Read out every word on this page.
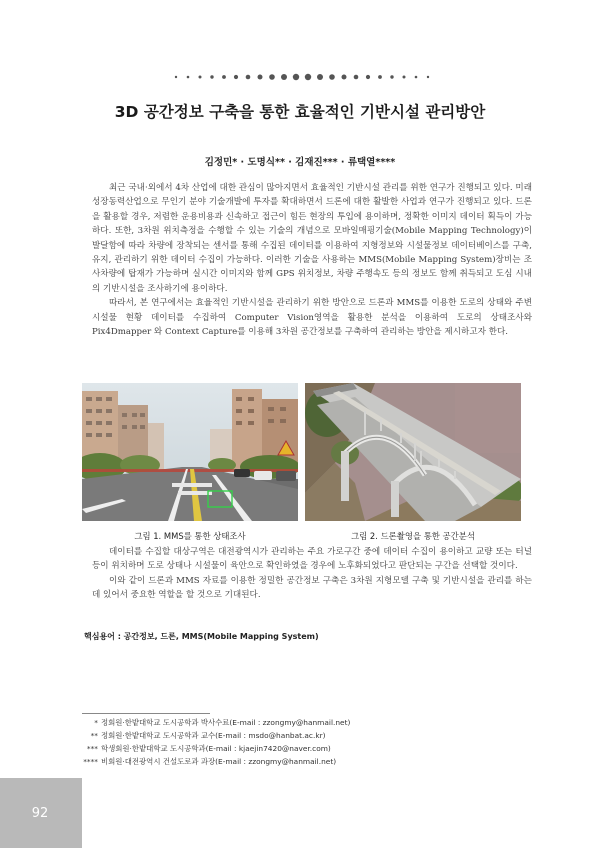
3D 공간정보 구축을 통한 효율적인 기반시설 관리방안
김정민* · 도명식** · 김재진*** · 류택열****

최근 국내·외에서 4차 산업에 대한 관심이 많아지면서 효율적인 기반시설 관리를 위한 연구가 진행되고 있다. 미래성장동력산업으로 무인기 분야 기술개발에 투자를 확대하면서 드론에 대한 활발한 사업과 연구가 진행되고 있다. 드론을 활용할 경우, 저렴한 운용비용과 신속하고 접근이 힘든 현장의 투입에 용이하며, 정확한 이미지 데이터 획득이 가능하다. 또한, 3차원 위치측정을 수행할 수 있는 기술의 개념으로 모바일매핑기술(Mobile Mapping Technology)이 발달함에 따라 차량에 장착되는 센서를 통해 수집된 데이터를 이용하여 지형정보와 시설물정보 데이터베이스를 구축, 유지, 관리하기 위한 데이터 수집이 가능하다. 이러한 기술을 사용하는 MMS(Mobile Mapping System)장비는 조사차량에 탑재가 가능하며 실시간 이미지와 함께 GPS 위치정보, 차량 주행속도 등의 정보도 함께 취득되고 도심 시내의 기반시설을 조사하기에 용이하다.

따라서, 본 연구에서는 효율적인 기반시설을 관리하기 위한 방안으로 드론과 MMS를 이용한 도로의 상태와 주변 시설물 현황 데이터를 수집하여 Computer Vision영역을 활용한 분석을 이용하여 도로의 상태조사와 Pix4Dmapper 와 Context Capture를 이용해 3차원 공간정보를 구축하여 관리하는 방안을 제시하고자 한다.

그림 1. MMS를 통한 상태조사	그림 2. 드론촬영을 통한 공간분석

데이터를 수집할 대상구역은 대전광역시가 관리하는 주요 가로구간 중에 데이터 수집이 용이하고 교량 또는 터널 등이 위치하며 도로 상태나 시설물이 육안으로 확인하였을 경우에 노후화되었다고 판단되는 구간을 선택할 것이다.

이와 같이 드론과 MMS 자료를 이용한 정밀한 공간정보 구축은 3차원 지형모델 구축 및 기반시설을 관리를 하는데 있어서 중요한 역할을 할 것으로 기대된다.

핵심용어 : 공간정보, 드론, MMS(Mobile Mapping System)
* 정회원·한밭대학교 도시공학과 박사수료(E-mail : zzongmy@hanmail.net)
** 정회원·한밭대학교 도시공학과 교수(E-mail : msdo@hanbat.ac.kr)
*** 학생회원·한밭대학교 도시공학과(E-mail : kjaejin7420@naver.com)
**** 비회원·대전광역시 건설도로과 과장(E-mail : zzongmy@hanmail.net)
92
